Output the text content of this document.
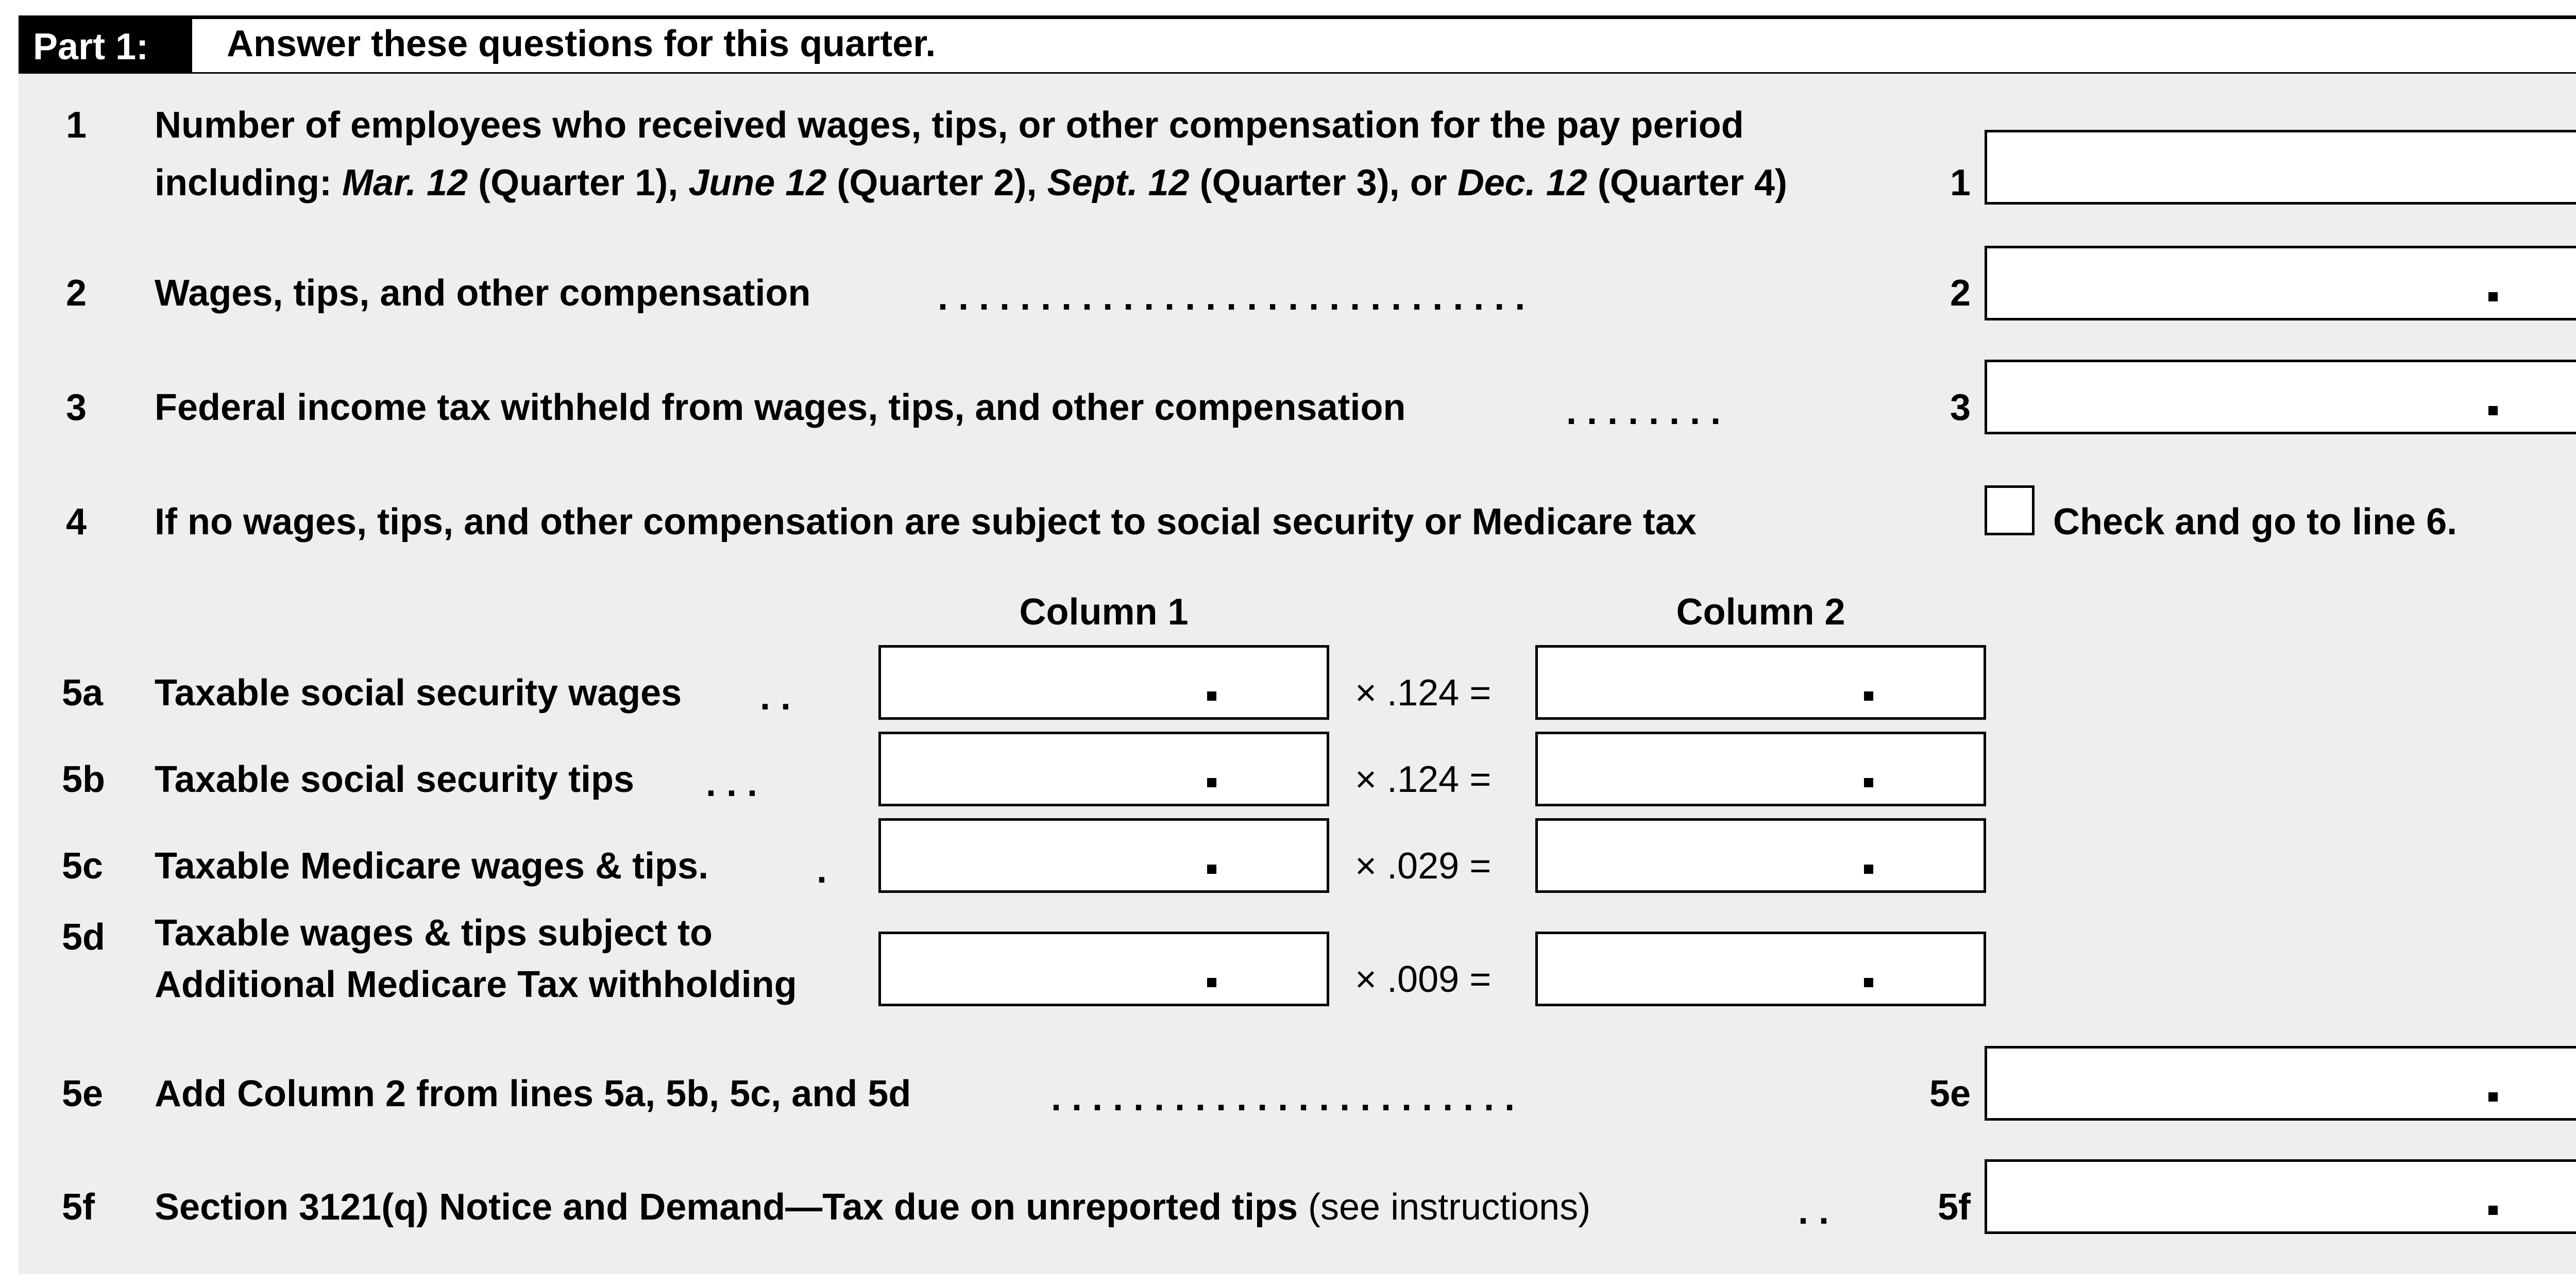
Part 1: Answer these questions for this quarter.
1 Number of employees who received wages, tips, or other compensation for the pay period
including: Mar. 12 (Quarter 1), June 12 (Quarter 2), Sept. 12 (Quarter 3), or Dec. 12 (Quarter 4)	1
2 Wages, tips, and other compensation	. . . . . . . . . . . . . . . . . . . . . . . . . . . . .	2
3 Federal income tax withheld from wages, tips, and other compensation	. . . . . . . .	3
4 If no wages, tips, and other compensation are subject to social security or Medicare tax	Check and go to line 6.
Column 1	Column 2
5a Taxable social security wages . .	× .124 =
5b Taxable social security tips . . .	× .124 =
5c Taxable Medicare wages & tips.	.	× .029 =
5d Taxable wages & tips subject to
Additional Medicare Tax withholding	× .009 =
5e Add Column 2 from lines 5a, 5b, 5c, and 5d	. . . . . . . . . . . . . . . . . . . . . . .	5e
5f Section 3121(q) Notice and Demand—Tax due on unreported tips (see instructions)	. .	5f
